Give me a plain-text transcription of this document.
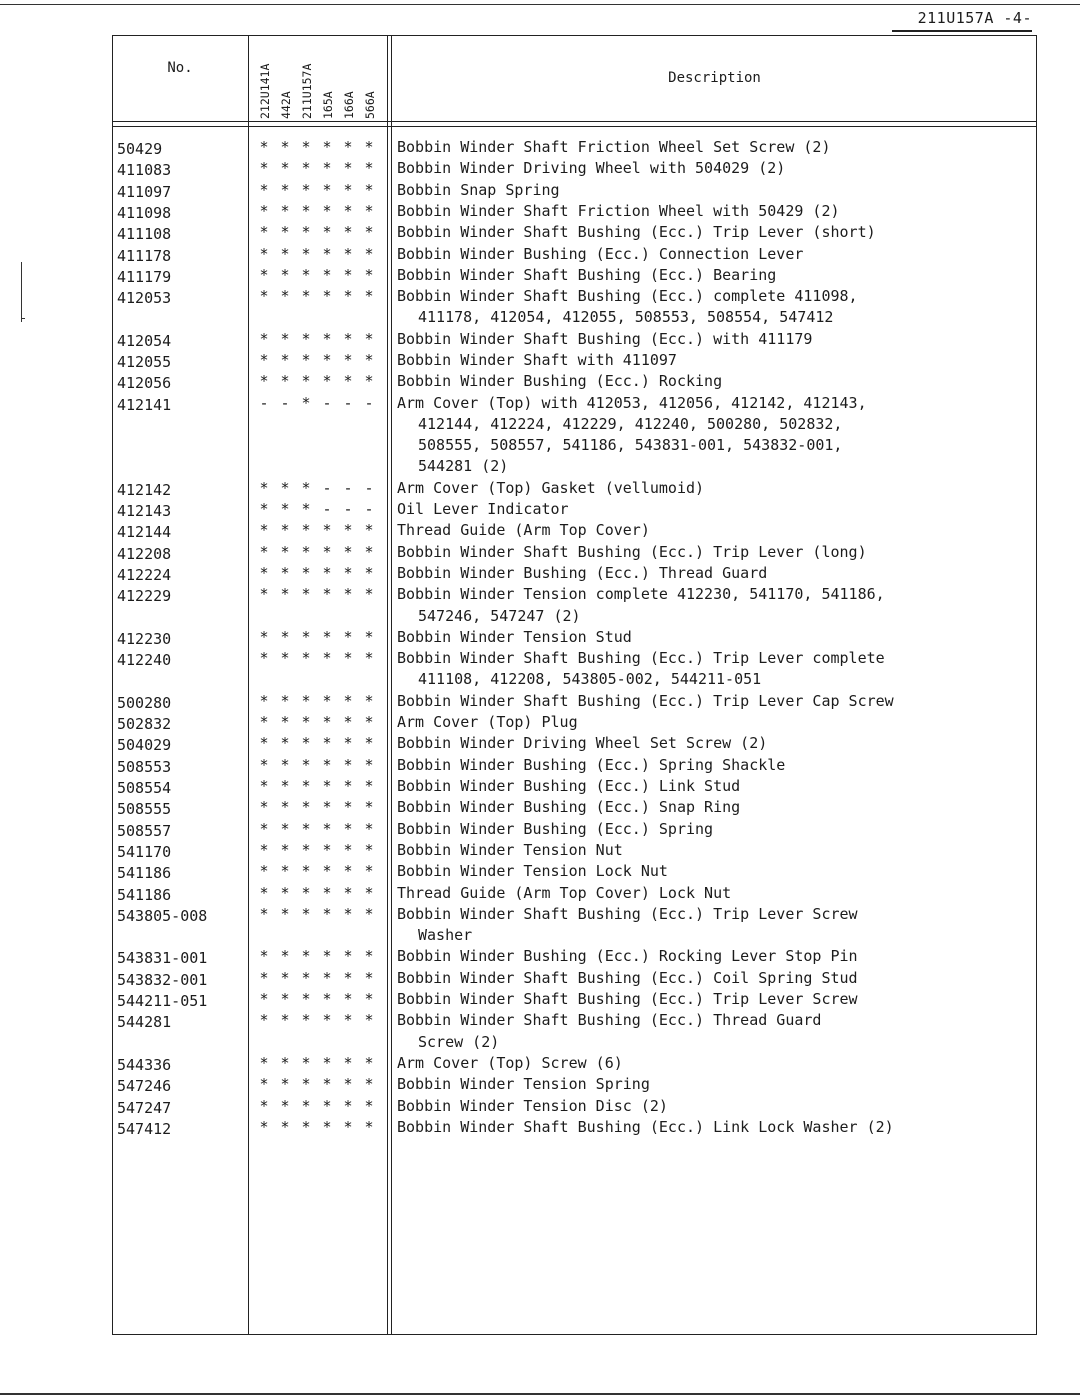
211U157A -4-
No.
Description
212U141A 442A 211U157A 165A 166A 566A
50429	* * * * * * Bobbin Winder Shaft Friction Wheel Set Screw (2)
411083	* * * * * * Bobbin Winder Driving Wheel with 504029 (2)
411097	* * * * * * Bobbin Snap Spring
411098	* * * * * * Bobbin Winder Shaft Friction Wheel with 50429 (2)
411108	* * * * * * Bobbin Winder Shaft Bushing (Ecc.) Trip Lever (short)
411178	* * * * * * Bobbin Winder Bushing (Ecc.) Connection Lever
411179	* * * * * * Bobbin Winder Shaft Bushing (Ecc.) Bearing
412053	* * * * * * Bobbin Winder Shaft Bushing (Ecc.) complete 411098,
411178, 412054, 412055, 508553, 508554, 547412
412054	* * * * * * Bobbin Winder Shaft Bushing (Ecc.) with 411179
412055	* * * * * * Bobbin Winder Shaft with 411097
412056	* * * * * * Bobbin Winder Bushing (Ecc.) Rocking
412141	- - * - - - Arm Cover (Top) with 412053, 412056, 412142, 412143,
412144, 412224, 412229, 412240, 500280, 502832,
508555, 508557, 541186, 543831-001, 543832-001,
544281 (2)
412142	* * * - - - Arm Cover (Top) Gasket (vellumoid)
412143	* * * - - - Oil Lever Indicator
412144	* * * * * * Thread Guide (Arm Top Cover)
412208	* * * * * * Bobbin Winder Shaft Bushing (Ecc.) Trip Lever (long)
412224	* * * * * * Bobbin Winder Bushing (Ecc.) Thread Guard
412229	* * * * * * Bobbin Winder Tension complete 412230, 541170, 541186,
547246, 547247 (2)
412230	* * * * * * Bobbin Winder Tension Stud
412240	* * * * * * Bobbin Winder Shaft Bushing (Ecc.) Trip Lever complete
411108, 412208, 543805-002, 544211-051
500280	* * * * * * Bobbin Winder Shaft Bushing (Ecc.) Trip Lever Cap Screw
502832	* * * * * * Arm Cover (Top) Plug
504029	* * * * * * Bobbin Winder Driving Wheel Set Screw (2)
508553	* * * * * * Bobbin Winder Bushing (Ecc.) Spring Shackle
508554	* * * * * * Bobbin Winder Bushing (Ecc.) Link Stud
508555	* * * * * * Bobbin Winder Bushing (Ecc.) Snap Ring
508557	* * * * * * Bobbin Winder Bushing (Ecc.) Spring
541170	* * * * * * Bobbin Winder Tension Nut
541186	* * * * * * Bobbin Winder Tension Lock Nut
541186	* * * * * * Thread Guide (Arm Top Cover) Lock Nut
543805-008	* * * * * * Bobbin Winder Shaft Bushing (Ecc.) Trip Lever Screw
Washer
543831-001	* * * * * * Bobbin Winder Bushing (Ecc.) Rocking Lever Stop Pin
543832-001	* * * * * * Bobbin Winder Shaft Bushing (Ecc.) Coil Spring Stud
544211-051	* * * * * * Bobbin Winder Shaft Bushing (Ecc.) Trip Lever Screw
544281	* * * * * * Bobbin Winder Shaft Bushing (Ecc.) Thread Guard
Screw (2)
544336	* * * * * * Arm Cover (Top) Screw (6)
547246	* * * * * * Bobbin Winder Tension Spring
547247	* * * * * * Bobbin Winder Tension Disc (2)
547412	* * * * * * Bobbin Winder Shaft Bushing (Ecc.) Link Lock Washer (2)
